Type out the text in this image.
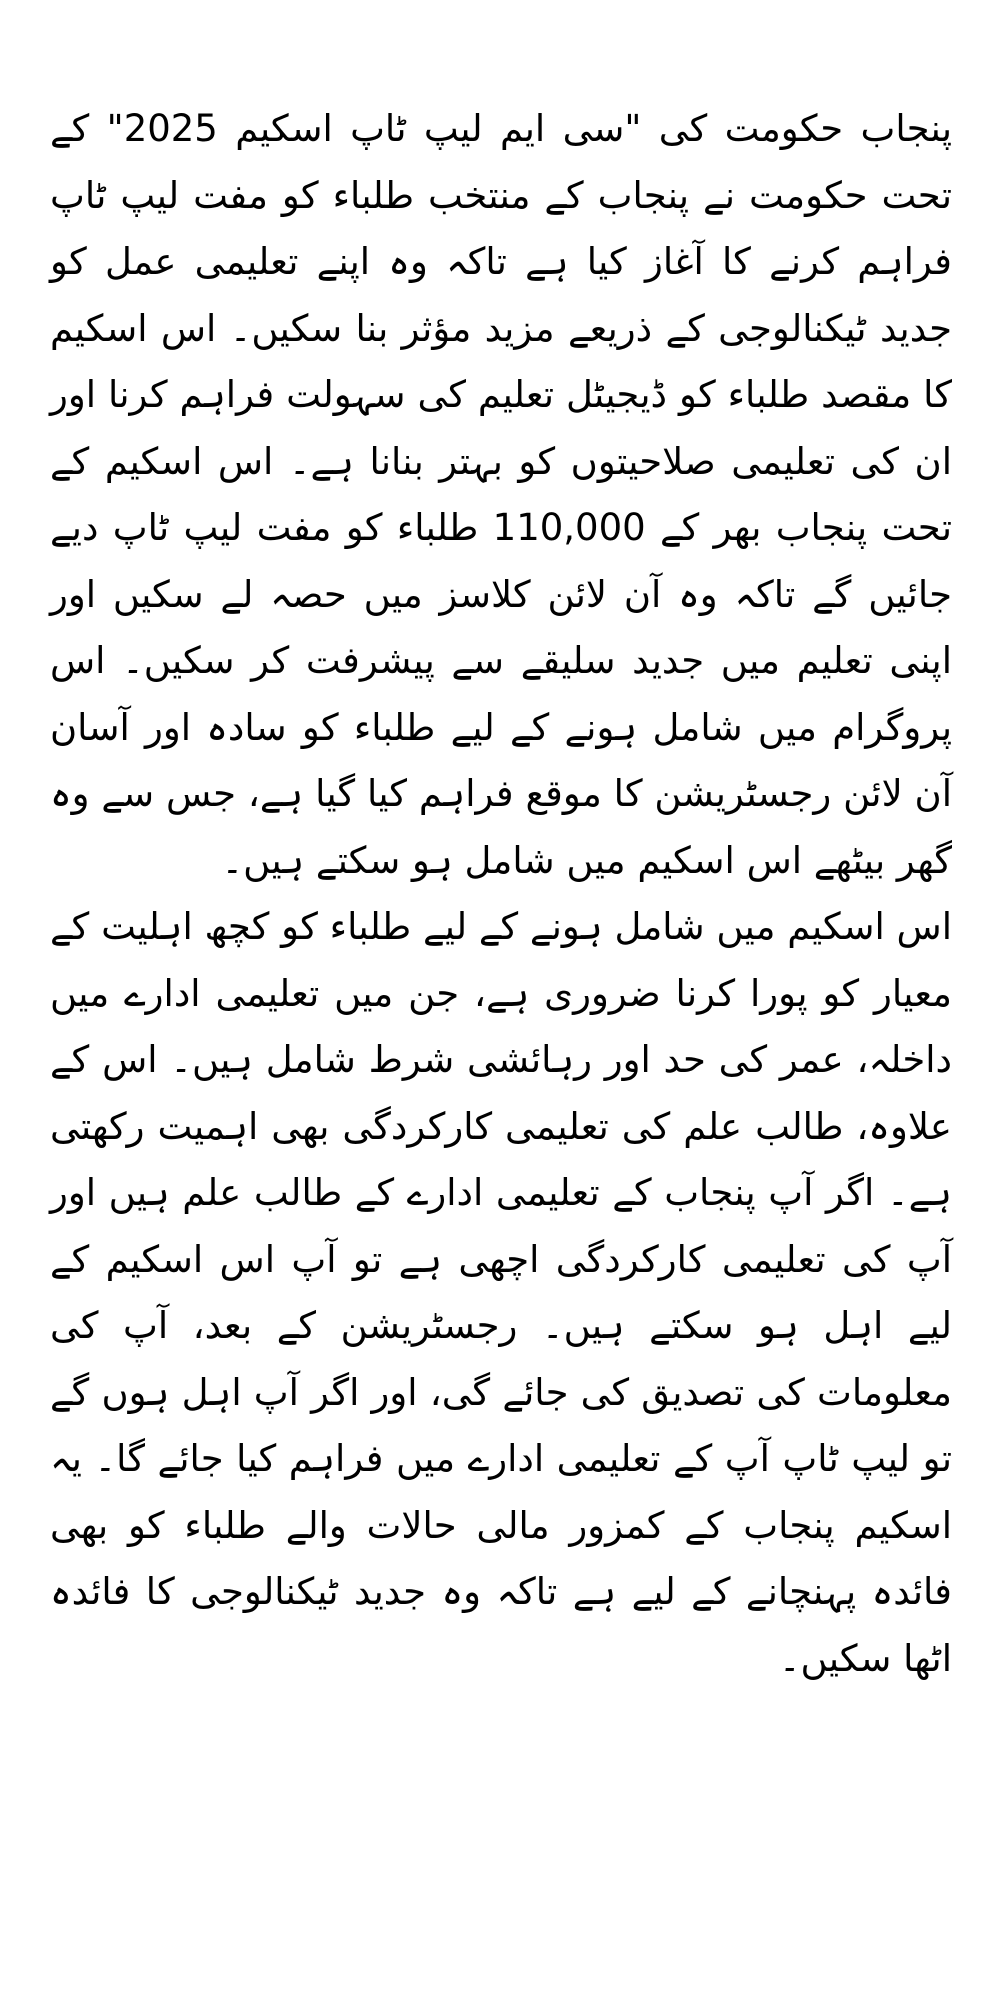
پنجاب حکومت کی "سی ایم لیپ ٹاپ اسکیم 2025" کے تحت حکومت نے پنجاب کے منتخب طلباء کو مفت لیپ ٹاپ فراہم کرنے کا آغاز کیا ہے تاکہ وہ اپنے تعلیمی عمل کو جدید ٹیکنالوجی کے ذریعے مزید مؤثر بنا سکیں۔ اس اسکیم کا مقصد طلباء کو ڈیجیٹل تعلیم کی سہولت فراہم کرنا اور ان کی تعلیمی صلاحیتوں کو بہتر بنانا ہے۔ اس اسکیم کے تحت پنجاب بھر کے 110,000 طلباء کو مفت لیپ ٹاپ دیے جائیں گے تاکہ وہ آن لائن کلاسز میں حصہ لے سکیں اور اپنی تعلیم میں جدید سلیقے سے پیشرفت کر سکیں۔ اس پروگرام میں شامل ہونے کے لیے طلباء کو سادہ اور آسان آن لائن رجسٹریشن کا موقع فراہم کیا گیا ہے، جس سے وہ گھر بیٹھے اس اسکیم میں شامل ہو سکتے ہیں۔

اس اسکیم میں شامل ہونے کے لیے طلباء کو کچھ اہلیت کے معیار کو پورا کرنا ضروری ہے، جن میں تعلیمی ادارے میں داخلہ، عمر کی حد اور رہائشی شرط شامل ہیں۔ اس کے علاوہ، طالب علم کی تعلیمی کارکردگی بھی اہمیت رکھتی ہے۔ اگر آپ پنجاب کے تعلیمی ادارے کے طالب علم ہیں اور آپ کی تعلیمی کارکردگی اچھی ہے تو آپ اس اسکیم کے لیے اہل ہو سکتے ہیں۔ رجسٹریشن کے بعد، آپ کی معلومات کی تصدیق کی جائے گی، اور اگر آپ اہل ہوں گے تو لیپ ٹاپ آپ کے تعلیمی ادارے میں فراہم کیا جائے گا۔ یہ اسکیم پنجاب کے کمزور مالی حالات والے طلباء کو بھی فائدہ پہنچانے کے لیے ہے تاکہ وہ جدید ٹیکنالوجی کا فائدہ اٹھا سکیں۔
